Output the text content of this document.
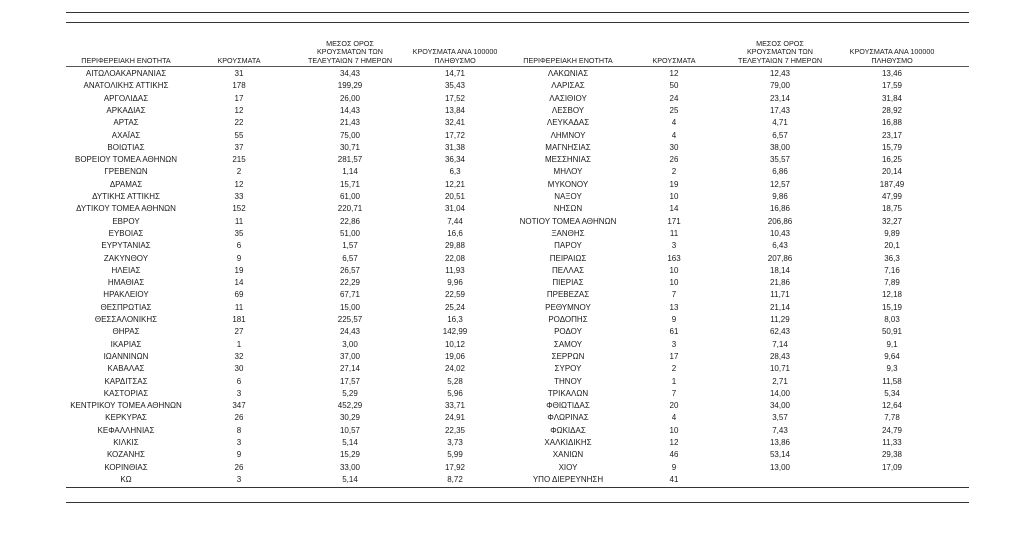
ΠΕΡΙΦΕΡΕΙΑΚΗ ΕΝΟΤΗΤΑ	ΚΡΟΥΣΜΑΤΑ
ΜΕΣΟΣ ΟΡΟΣ
ΚΡΟΥΣΜΑΤΩΝ ΤΩΝ
ΤΕΛΕΥΤΑΙΩΝ 7 ΗΜΕΡΩΝ
ΚΡΟΥΣΜΑΤΑ ΑΝΑ 100000
ΠΛΗΘΥΣΜΟ	ΠΕΡΙΦΕΡΕΙΑΚΗ ΕΝΟΤΗΤΑ	ΚΡΟΥΣΜΑΤΑ
ΜΕΣΟΣ ΟΡΟΣ
ΚΡΟΥΣΜΑΤΩΝ ΤΩΝ
ΤΕΛΕΥΤΑΙΩΝ 7 ΗΜΕΡΩΝ
ΚΡΟΥΣΜΑΤΑ ΑΝΑ 100000
ΠΛΗΘΥΣΜΟ
ΑΙΤΩΛΟΑΚΑΡΝΑΝΙΑΣ	31	34,43	14,71
ΑΝΑΤΟΛΙΚΗΣ ΑΤΤΙΚΗΣ	178	199,29	35,43
ΑΡΓΟΛΙΔΑΣ	17	26,00	17,52
ΑΡΚΑΔΙΑΣ	12	14,43	13,84
ΑΡΤΑΣ	22	21,43	32,41
ΑΧΑΪΑΣ	55	75,00	17,72
ΒΟΙΩΤΙΑΣ	37	30,71	31,38
ΒΟΡΕΙΟΥ ΤΟΜΕΑ ΑΘΗΝΩΝ	215	281,57	36,34
ΓΡΕΒΕΝΩΝ	2	1,14	6,3
ΔΡΑΜΑΣ	12	15,71	12,21
ΔΥΤΙΚΗΣ ΑΤΤΙΚΗΣ	33	61,00	20,51
ΔΥΤΙΚΟΥ ΤΟΜΕΑ ΑΘΗΝΩΝ	152	220,71	31,04
ΕΒΡΟΥ	11	22,86	7,44
ΕΥΒΟΙΑΣ	35	51,00	16,6
ΕΥΡΥΤΑΝΙΑΣ	6	1,57	29,88
ΖΑΚΥΝΘΟΥ	9	6,57	22,08
ΗΛΕΙΑΣ	19	26,57	11,93
ΗΜΑΘΙΑΣ	14	22,29	9,96
ΗΡΑΚΛΕΙΟΥ	69	67,71	22,59
ΘΕΣΠΡΩΤΙΑΣ	11	15,00	25,24
ΘΕΣΣΑΛΟΝΙΚΗΣ	181	225,57	16,3
ΘΗΡΑΣ	27	24,43	142,99
ΙΚΑΡΙΑΣ	1	3,00	10,12
ΙΩΑΝΝΙΝΩΝ	32	37,00	19,06
ΚΑΒΑΛΑΣ	30	27,14	24,02
ΚΑΡΔΙΤΣΑΣ	6	17,57	5,28
ΚΑΣΤΟΡΙΑΣ	3	5,29	5,96
ΚΕΝΤΡΙΚΟΥ ΤΟΜΕΑ ΑΘΗΝΩΝ	347	452,29	33,71
ΚΕΡΚΥΡΑΣ	26	30,29	24,91
ΚΕΦΑΛΛΗΝΙΑΣ	8	10,57	22,35
ΚΙΛΚΙΣ	3	5,14	3,73
ΚΟΖΑΝΗΣ	9	15,29	5,99
ΚΟΡΙΝΘΙΑΣ	26	33,00	17,92
ΚΩ	3	5,14	8,72
ΛΑΚΩΝΙΑΣ	12	12,43	13,46
ΛΑΡΙΣΑΣ	50	79,00	17,59
ΛΑΣΙΘΙΟΥ	24	23,14	31,84
ΛΕΣΒΟΥ	25	17,43	28,92
ΛΕΥΚΑΔΑΣ	4	4,71	16,88
ΛΗΜΝΟΥ	4	6,57	23,17
ΜΑΓΝΗΣΙΑΣ	30	38,00	15,79
ΜΕΣΣΗΝΙΑΣ	26	35,57	16,25
ΜΗΛΟΥ	2	6,86	20,14
ΜΥΚΟΝΟΥ	19	12,57	187,49
ΝΑΞΟΥ	10	9,86	47,99
ΝΗΣΩΝ	14	16,86	18,75
ΝΟΤΙΟΥ ΤΟΜΕΑ ΑΘΗΝΩΝ	171	206,86	32,27
ΞΑΝΘΗΣ	11	10,43	9,89
ΠΑΡΟΥ	3	6,43	20,1
ΠΕΙΡΑΙΩΣ	163	207,86	36,3
ΠΕΛΛΑΣ	10	18,14	7,16
ΠΙΕΡΙΑΣ	10	21,86	7,89
ΠΡΕΒΕΖΑΣ	7	11,71	12,18
ΡΕΘΥΜΝΟΥ	13	21,14	15,19
ΡΟΔΟΠΗΣ	9	11,29	8,03
ΡΟΔΟΥ	61	62,43	50,91
ΣΑΜΟΥ	3	7,14	9,1
ΣΕΡΡΩΝ	17	28,43	9,64
ΣΥΡΟΥ	2	10,71	9,3
ΤΗΝΟΥ	1	2,71	11,58
ΤΡΙΚΑΛΩΝ	7	14,00	5,34
ΦΘΙΩΤΙΔΑΣ	20	34,00	12,64
ΦΛΩΡΙΝΑΣ	4	3,57	7,78
ΦΩΚΙΔΑΣ	10	7,43	24,79
ΧΑΛΚΙΔΙΚΗΣ	12	13,86	11,33
ΧΑΝΙΩΝ	46	53,14	29,38
ΧΙΟΥ	9	13,00	17,09
ΥΠΟ ΔΙΕΡΕΥΝΗΣΗ	41
